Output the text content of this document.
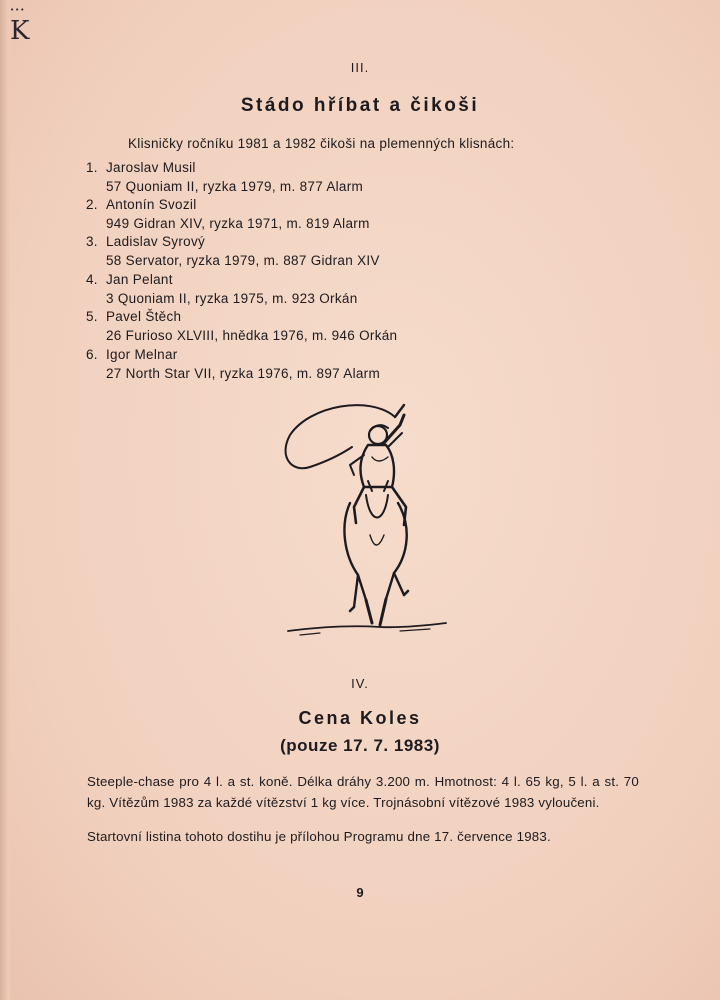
•••
K
III.
Stádo hříbat a čikoši
Klisničky ročníku 1981 a 1982 čikoši na plemenných klisnách:
1. Jaroslav Musil
57 Quoniam II, ryzka 1979, m. 877 Alarm
2. Antonín Svozil
949 Gidran XIV, ryzka 1971, m. 819 Alarm
3. Ladislav Syrový
58 Servator, ryzka 1979, m. 887 Gidran XIV
4. Jan Pelant
3 Quoniam II, ryzka 1975, m. 923 Orkán
5. Pavel Štěch
26 Furioso XLVIII, hnědka 1976, m. 946 Orkán
6. Igor Melnar
27 North Star VII, ryzka 1976, m. 897 Alarm
IV.
Cena Koles
(pouze 17. 7. 1983)
Steeple-chase pro 4 l. a st. koně. Délka dráhy 3.200 m. Hmotnost: 4 l. 65 kg, 5 l. a st. 70 kg. Vítězům 1983 za každé vítězství 1 kg více. Trojnásobní vítězové 1983 vyloučeni.
Startovní listina tohoto dostihu je přílohou Programu dne 17. července 1983.
9
